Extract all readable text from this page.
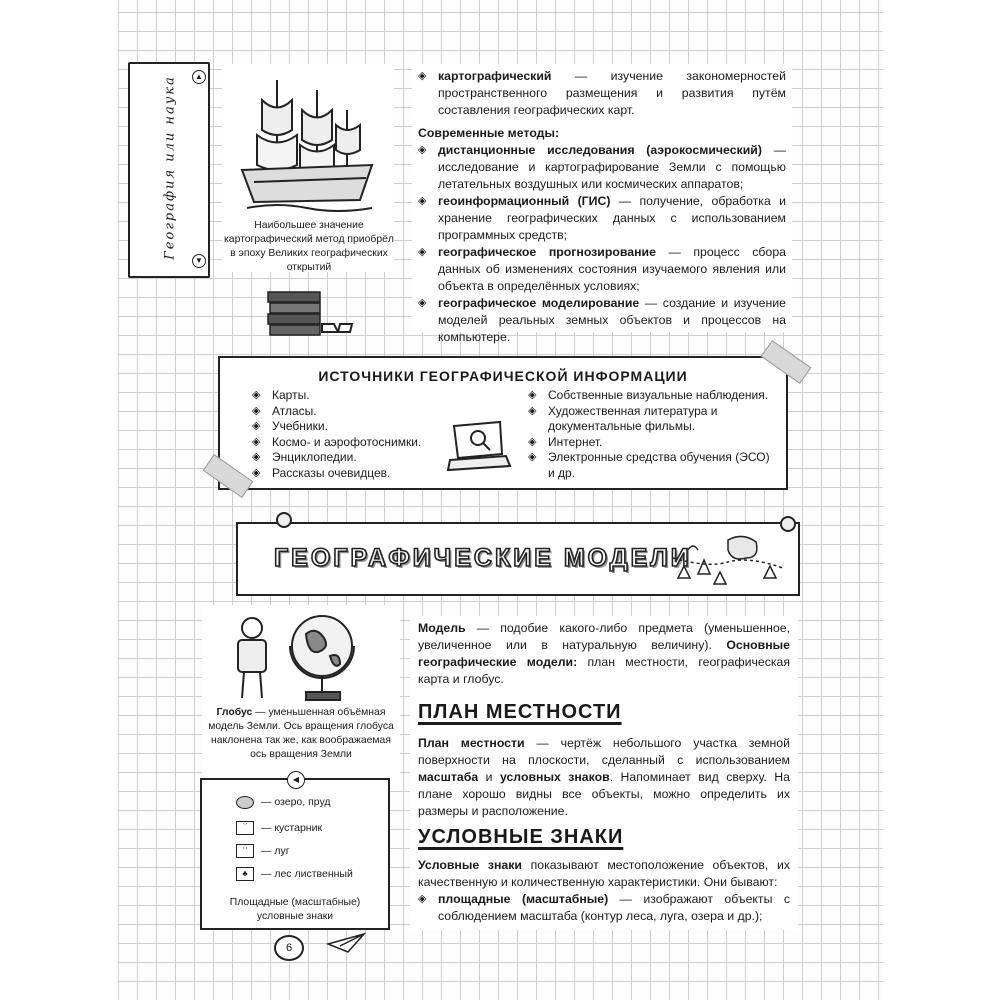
География или наука	▲
▼
Наибольшее значение картографический метод приобрёл в эпоху Великих географических открытий
◈ картографический — изучение закономерностей пространственного размещения и развития путём составления географических карт.
Современные методы:
◈ дистанционные исследования (аэрокосмический) — исследование и картографирование Земли с помощью летательных воздушных или космических аппаратов;
◈ геоинформационный (ГИС) — получение, обработка и хранение географических данных с использованием программных средств;
◈ географическое прогнозирование — процесс сбора данных об изменениях состояния изучаемого явления или объекта в определённых условиях;
◈ географическое моделирование — создание и изучение моделей реальных земных объектов и процессов на компьютере.
ИСТОЧНИКИ ГЕОГРАФИЧЕСКОЙ ИНФОРМАЦИИ
◈ Карты.
◈ Атласы.
◈ Учебники.
◈ Космо- и аэрофотоснимки.
◈ Энциклопедии.
◈ Рассказы очевидцев.
◈ Собственные визуальные наблюдения.
◈ Художественная литература и документальные фильмы.
◈ Интернет.
◈ Электронные средства обучения (ЭСО) и др.
ГЕОГРАФИЧЕСКИЕ МОДЕЛИ
Глобус — уменьшенная объёмная модель Земли. Ось вращения глобуса наклонена так же, как воображаемая ось вращения Земли
Модель — подобие какого-либо предмета (уменьшенное, увеличенное или в натуральную величину). Основные географические модели: план местности, географическая карта и глобус.
ПЛАН МЕСТНОСТИ
План местности — чертёж небольшого участка земной поверхности на плоскости, сделанный с использованием масштаба и условных знаков. Напоминает вид сверху. На плане хорошо видны все объекты, можно определить их размеры и расположение.
УСЛОВНЫЕ ЗНАКИ
Условные знаки показывают местоположение объектов, их качественную и количественную характеристики. Они бывают:
◈ площадные (масштабные) — изображают объекты с соблюдением масштаба (контур леса, луга, озера и др.);
◀
— озеро, пруд
⁘ — кустарник
∴ — луг
♣ — лес лиственный
Площадные (масштабные) условные знаки
6
